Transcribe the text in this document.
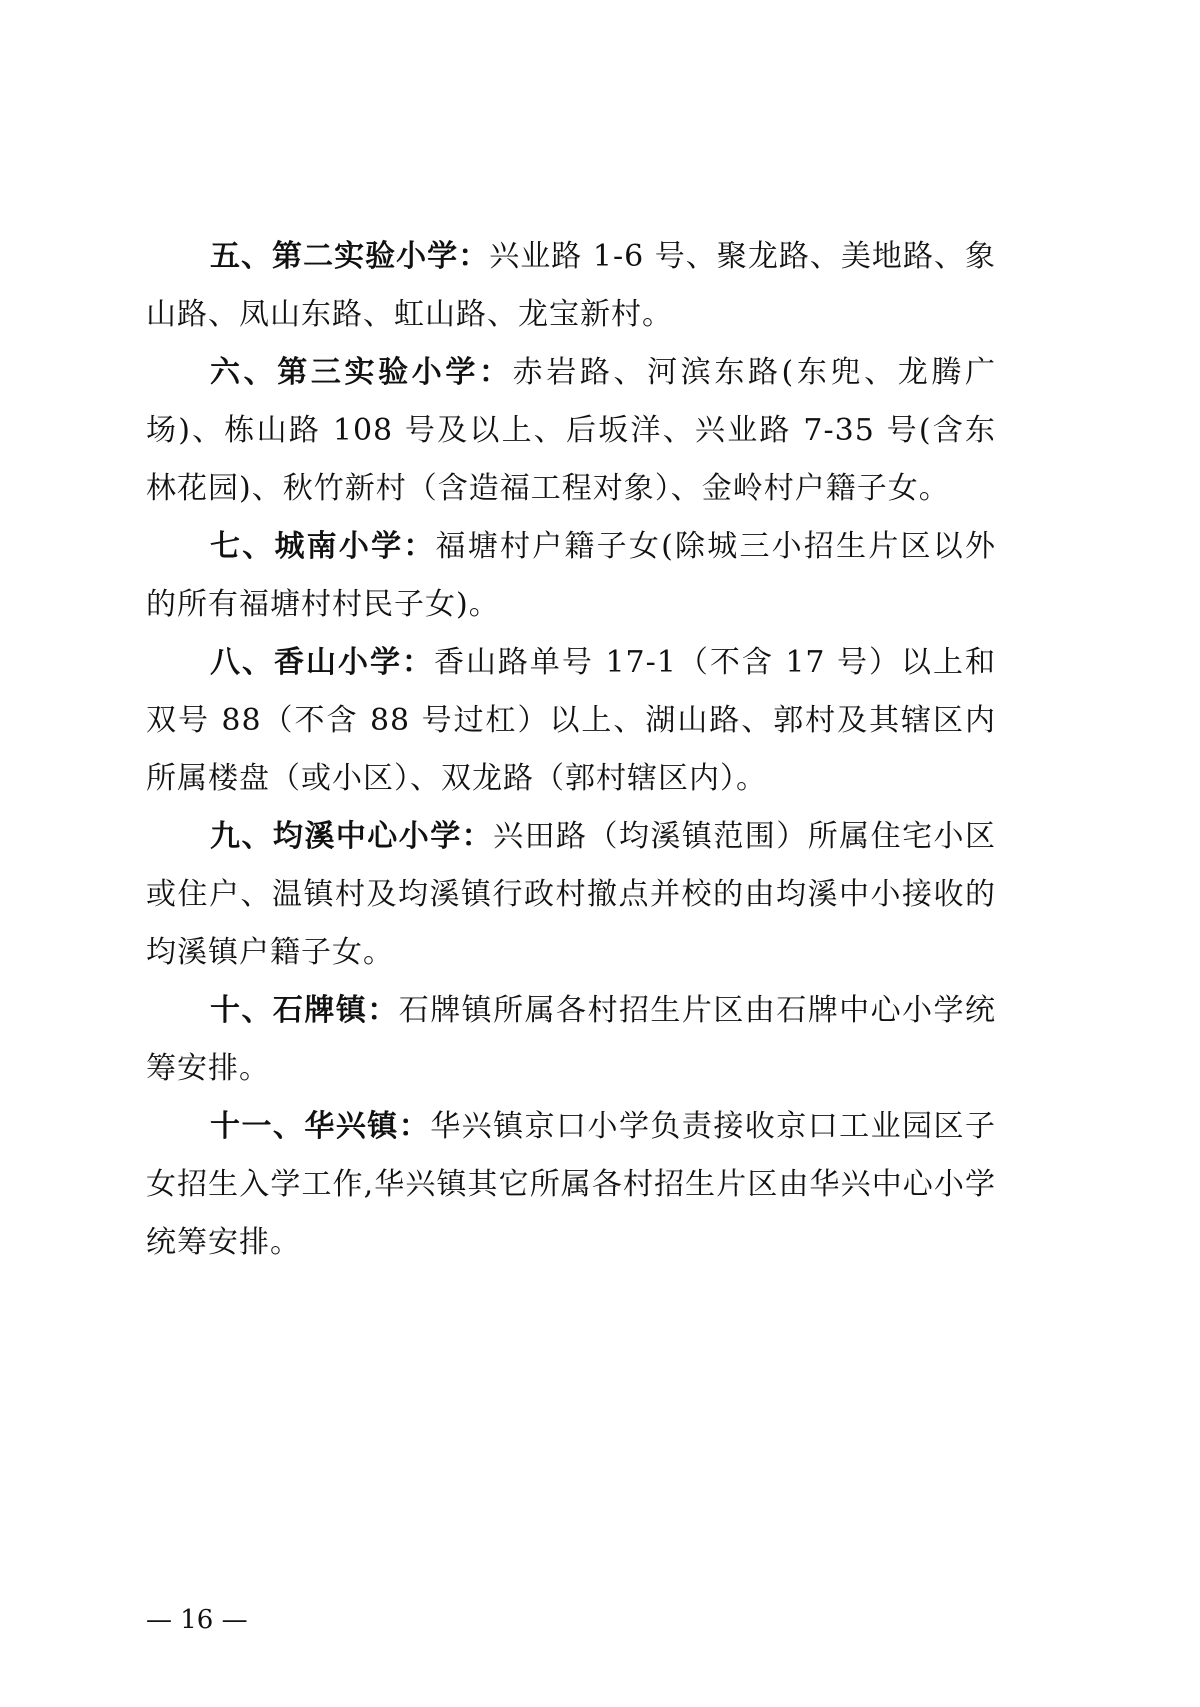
五、第二实验小学：兴业路 1-6 号、聚龙路、美地路、象山路、凤山东路、虹山路、龙宝新村。

六、第三实验小学：赤岩路、河滨东路(东兜、龙腾广场)、栋山路 108 号及以上、后坂洋、兴业路 7-35 号(含东林花园)、秋竹新村（含造福工程对象）、金岭村户籍子女。

七、城南小学：福塘村户籍子女(除城三小招生片区以外的所有福塘村村民子女)。

八、香山小学：香山路单号 17-1（不含 17 号）以上和双号 88（不含 88 号过杠）以上、湖山路、郭村及其辖区内所属楼盘（或小区）、双龙路（郭村辖区内）。

九、均溪中心小学：兴田路（均溪镇范围）所属住宅小区或住户、温镇村及均溪镇行政村撤点并校的由均溪中小接收的均溪镇户籍子女。

十、石牌镇：石牌镇所属各村招生片区由石牌中心小学统筹安排。

十一、华兴镇：华兴镇京口小学负责接收京口工业园区子女招生入学工作,华兴镇其它所属各村招生片区由华兴中心小学统筹安排。

— 16 —
